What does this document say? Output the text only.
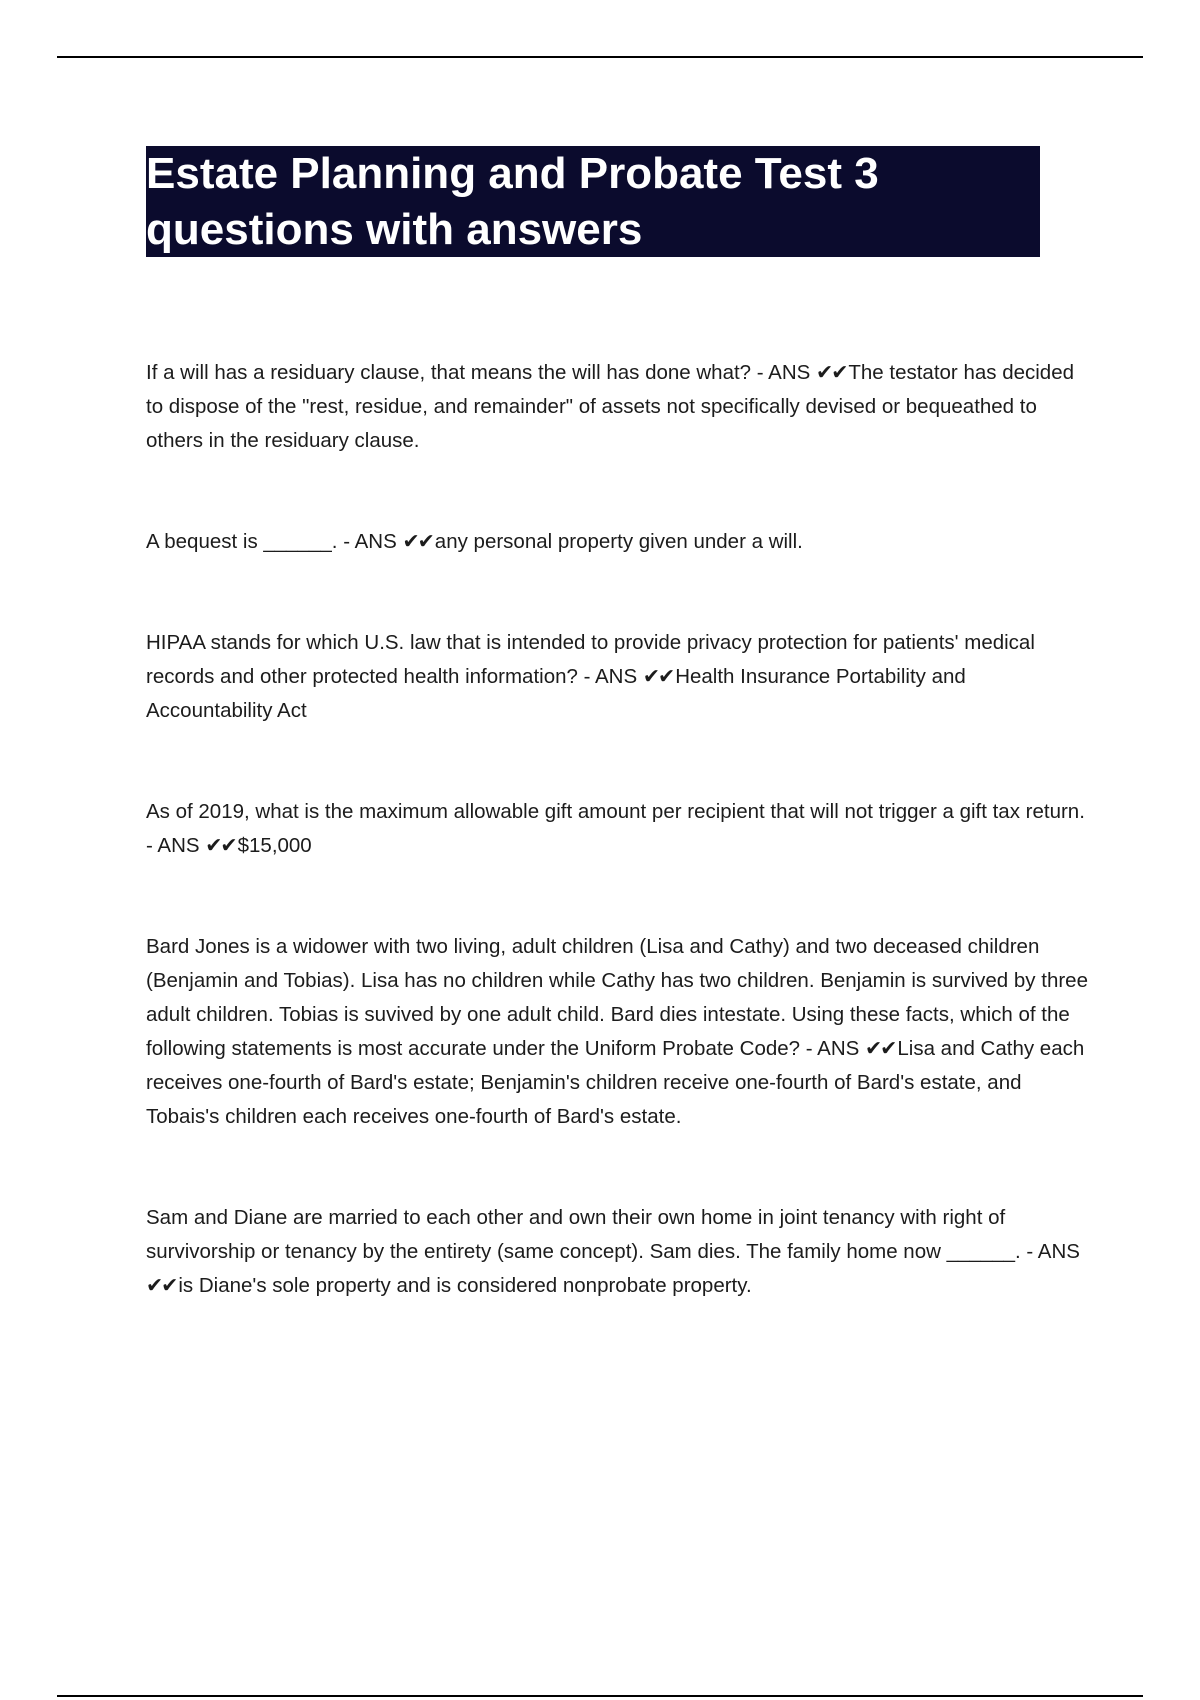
Estate Planning and Probate Test 3 questions with answers

If a will has a residuary clause, that means the will has done what? - ANS ✔✔The testator has decided to dispose of the "rest, residue, and remainder" of assets not specifically devised or bequeathed to others in the residuary clause.

A bequest is ______. - ANS ✔✔any personal property given under a will.

HIPAA stands for which U.S. law that is intended to provide privacy protection for patients' medical records and other protected health information? - ANS ✔✔Health Insurance Portability and Accountability Act

As of 2019, what is the maximum allowable gift amount per recipient that will not trigger a gift tax return. - ANS ✔✔$15,000

Bard Jones is a widower with two living, adult children (Lisa and Cathy) and two deceased children (Benjamin and Tobias). Lisa has no children while Cathy has two children. Benjamin is survived by three adult children. Tobias is suvived by one adult child. Bard dies intestate. Using these facts, which of the following statements is most accurate under the Uniform Probate Code? - ANS ✔✔Lisa and Cathy each receives one-fourth of Bard's estate; Benjamin's children receive one-fourth of Bard's estate, and Tobais's children each receives one-fourth of Bard's estate.

Sam and Diane are married to each other and own their own home in joint tenancy with right of survivorship or tenancy by the entirety (same concept). Sam dies. The family home now ______. - ANS ✔✔is Diane's sole property and is considered nonprobate property.
